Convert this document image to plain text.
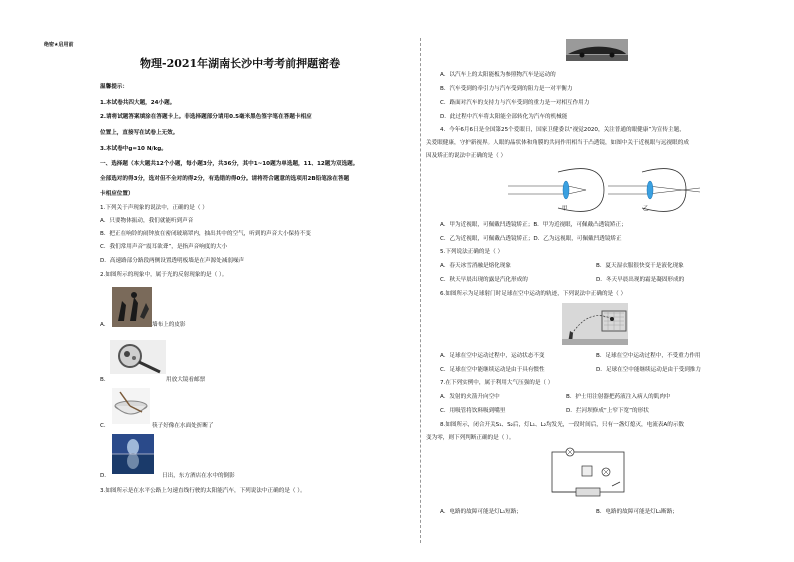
绝密★启用前
物理-2021年湖南长沙中考考前押题密卷
温馨提示：
1.本试卷共四大题，24小题。
2.请将试题答案填涂在答题卡上。非选择题部分请用0.5毫米黑色签字笔在答题卡相应
位置上，直接写在试卷上无效。
3.本试卷中g=10 N/kg。
一、选择题（本大题共12个小题，每小题3分，共36分，其中1~10题为单选题，11、12题为双选题。
全部选对的得3分，选对但不全对的得2分，有选错的得0分。请将符合题意的选项用2B铅笔涂在答题
卡相应位置）
1.下列关于声现象的说法中，正确的是（ ）
A．只要物体振动，我们就能听到声音
B．把正在响铃的闹钟放在密闭玻璃罩内，抽出其中的空气，听到的声音大小保持不变
C．我们常用声音“震耳欲聋”，是指声音响度的大小
D．高速路部分路段两侧设置透明板墙是在声源处减弱噪声
2.如图所示的现象中，属于光的反射现象的是（ ）。
A．	墙布上的皮影
B．	用放大镜看邮票
C．	筷子好像在水面处折断了
D．	日出，东方酒店在水中的倒影
3.如图所示是在水平公路上匀速直线行驶的太阳能汽车，下列说法中正确的是（ ）。
A．以汽车上的太阳能板为参照物汽车是运动的
B．汽车受到的牵引力与汽车受到的阻力是一对平衡力
C．路面对汽车的支持力与汽车受到的重力是一对相互作用力
D．此过程中汽车将太阳能全部转化为汽车的机械能
4．今年6月6日是全国第25个爱眼日，国家卫健委以“视觉2020，关注普通的眼健康”为宣传主题，
关爱眼健康，守护新视界。人眼的晶状体和角膜的共同作用相当于凸透镜，如图中关于近视眼与远视眼的成
因及矫正的说法中正确的是（ ）
甲	乙
A．甲为近视眼，可佩戴凹透镜矫正；B．甲为近视眼，可佩戴凸透镜矫正；
C．乙为近视眼，可佩戴凸透镜矫正；D．乙为远视眼，可佩戴凹透镜矫正
5.下列说法正确的是（ ）
A．春天冰雪消融是熔化现象	B．夏天湿衣服很快变干是液化现象
C．秋天早晨出现的露是汽化形成的	D．冬天早晨出现的霜是凝固形成的
6.如图所示为足球射门时足球在空中运动的轨迹，下列说法中正确的是（ ）
A．足球在空中运动过程中，运动状态不变	B．足球在空中运动过程中，不受重力作用
C．足球在空中能继续运动是由于具有惯性	D．足球在空中能继续运动是由于受到推力
7.在下列实例中，属于利用大气压强的是（ ）
A．发射的火箭升向空中	B．护士用注射器把药液注入病人的肌肉中
C．用吸管将饮料吸到嘴里	D．拦河坝修成“上窄下宽”的形状
8.如图所示，闭合开关S₁、S₂后，灯L₁、L₂均发光，一段时间后，只有一盏灯熄灭，电流表A的示数
变为零，则下列判断正确的是（ ）。
A．电路的故障可能是灯L₁短路；	B．电路的故障可能是灯L₁断路；
